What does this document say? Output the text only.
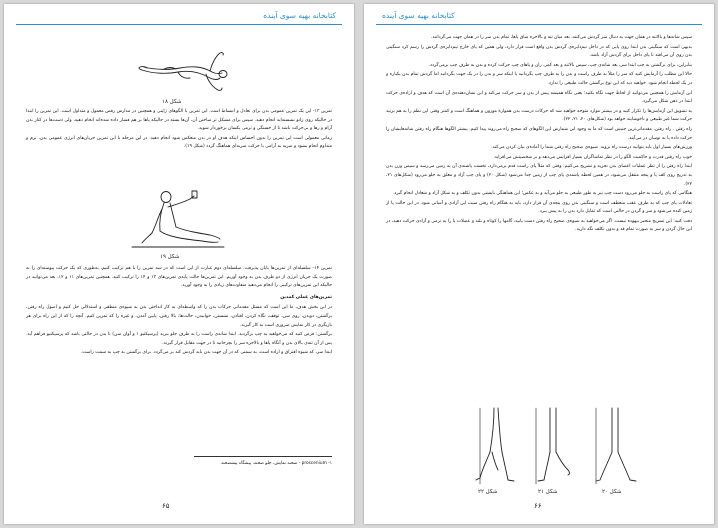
کتابخانه بهیه سوی آینده
شکل ۱۸

تمرین ۱۳- این یک تمرین عمومی بدن برای تعادل و انبساط است. این تمرین با الگوهای ژاپنی و همچنین در مدارس رقص معمول و متداول است. این تمرین را ابتدا در حالیکه روی زانو نشسته‌اید انجام دهید. سپس برای مشکل تر ساختن آن، آن‌ها بسته در حالیکه پاها بر هم فشار داده شده‌اند انجام دهید، ولی دست‌ها در کنار بدن آرام و رها و بی‌حرکت باشد تا از خستگی و نرمی یکسان برخوردار شوید.

زمانی معمولی است این تمرین را بدون احساس اینکه هدف او در بدن منعکس شود انجام دهید. در این مرحله با این تمرین جریان‌های انرژی عمومی بدن، نرم و متداوم انجام بشود و ضربه به آرامی با حرکت ضربه‌ای هماهنگ گردد (شکل ۱۹).

شکل ۱۹

تمرین ۱۴- سلسله‌ای از تمرین‌ها پایان پذیرفت. سلسله‌ای دوم عبارت از این است که در سه تمرین را با هم ترکیب کنیم، به‌طوری که یک حرکت پیوسته‌ای را به صورت یک جریان انرژی از دو طرف بدن به وجود آوریم. این تمرین‌ها حالت پایه‌ی تمرین‌های ۱۳ و ۱۴ را ترکیب کنید. همچنین تمرین‌های ۱۱ و ۱۲، بعد می‌توانید در حالیکه این تمرین‌های ترکیبی را انجام می‌دهید متفاوت‌های زیادی را به وجود آورید.

تمرین‌های عملی کمدین

در این بخش هدف، ما این است که مسئل مقدماتی حرکات بدن را که واسطه‌ای به کار انداختن بدن به شیوه‌ی منطقی و استدلالی حل کنیم و اصول راه رفتن، برگشتن، دویدن، روی سن، توقف، نگاه کردن، افتادن، نشستن، خوابیدن، حالت‌ها، بالا رفتن، پایین آمدن، و غیره را که تمرین کنیم. آنچه را که از این راه برای هر بازیگری در کار نمایش ضروری است به کار گیرید.

برگشتن: فرض کنید که می‌خواهید به چپ برگردید. ابتدا شانه‌ی راست را به طرف جلو ببرید (پرسپکتیو ۱ و آوان سن) تا بدن در حالتی باشد که پرسپکتیو فراهم آید. پس از آن تنه‌ی بالای بدن و آنگاه پاها و بالاخره سر را بچرخانید تا در جهت مقابل قرار گیرند.

ابتدا سر، که شیوه افتراق و اراده است، به سمتی که در آن جهت بدن باید گردش کند بر می‌گردد. برای برگشتن به چپ به سمت راست.

۱- proscenium - صحنه نمایش، جلو صحنه، پیشگاه پیشصحنه
۶۵
کتابخانه بهیه سوی آینده

سپس شانه‌ها و بالاتنه در همان جهت به دنبال سر گردش می‌کنند، بعد میان تنه و بالاخره ساق پاها، تمام بدن سر را در همان جهت می‌گردانند.

بدیهی است که سنگینی بدن ابتدا روی پایی که در داخل نیم‌دایره‌ی گردش بدن واقع است قرار دارد، ولی همین که پای خارج نیم‌دایره‌ی گردش را رسم کرد سنگینی بدن روی آن می‌افتد تا پای داخل برای گردش آزاد باشد.

بنابراین، برای برگشتن به چپ ابتدا سر، بعد شانه‌ی چپ، سپس بالاتنه و بعد کمر، ران و پاهای چپ حرکت کرده و بدن به طرف چپ برمی‌گردد.

حالا این مطلب را آزمایش کنید که سر را مثلاً به طرف راست و بدن را به طرف چپ بگردانید یا اینکه سر و بدن را در یک جهت بگردانید اما گردش تمام بدن یکباره و در یک لحظه انجام شود. خواهید دید که این نوع برگشتن حالت طبیعی را ندارد.

این آزمایش را همچنین می‌توانید از لحاظ جهت نگاه بکنید؛ یعنی نگاه همیشه پیش از بدن و سر حرکت می‌کند و این نشان‌دهنده‌ی آن است که هدف و اراده‌ی حرکت ابتدا در ذهن شکل می‌گیرد.

به تشویق این آزمایش‌ها را تکرار کنید و در بیشتر موارد متوجه خواهید شد که حرکات درست بدن همواره موزون و هماهنگ است و کمتر وقتی این نظم را به هم بزنید حرکت شما غیر طبیعی و ناخوشایند خواهد بود (شکل‌های ۲۰، ۲۱، ۲۲).

راه رفتن . راه رفتن، مقدماتی‌ترین جنبش است که ما به وجود این شمارش این الگوهای که صحیح راه می‌روند پیدا کنیم. بیشتر الگوها هنگام راه رفتن شانه‌هایشان را حرکت داده یا به نوسان در می‌آیند.

ورزش‌های بسیار اول باید بتوانید درست راه بروید. شیوه‌ی صحیح راه رفتن شما را آماده‌ی بیان کردن می‌کند.

خوب راه رفتن قدرت و حاکمیت الگو را در نظر تماشاگران بسیار افزایش می‌دهد و بر شخصیتش می‌افزاید.

ابتدا راه رفتن را از نظر عملیات اعضای بدن تجزیه و تشریح می‌کنیم: وقتی که مثلاً پای راست قدم برمی‌دارد، نخست پاشنه‌ی آن به زمین می‌رسد و سپس وزن بدن به تدریج روی کف پا و پنجه منتقل می‌شود، در همین لحظه پاشنه‌ی پای چپ از زمین جدا می‌شود (شکل ۲۰) و پای چپ آزاد و معلق به جلو می‌رود (شکل‌های ۲۱، ۲۲).

هنگامی که پای راست به جلو می‌رود دست چپ نیز به طور طبیعی به جلو می‌آید و به عکس؛ این هماهنگی بایستی بدون تکلف و به شکل آزاد و متعادل انجام گیرد.

تعادلات پای چپ که به طرف عقب منعطف است و سنگینی بدن روی پنجه‌ی آن قرار دارد، باید به هنگام راه رفتن سبب این آزادی و آسانی شود. در این حالت پا از زمین کنده می‌شود و سر و گردن در حالتی است که تمایل دارد بدن را به پیش ببرد.

دقت کنید: این تشریح متحیر بیهوده نیست. اگر می‌خواهید به شیوه‌ی صحیح راه رفتن دست یابید، گامها را کوتاه و بلند و عضلات پا را به نرمی و آزادی حرکت دهید، در این حال گردن و سر به صورت تمام قد و بدون تکلف نگه دارید.

شکل ۲۲	شکل ۲۱	شکل ۲۰
۶۶
